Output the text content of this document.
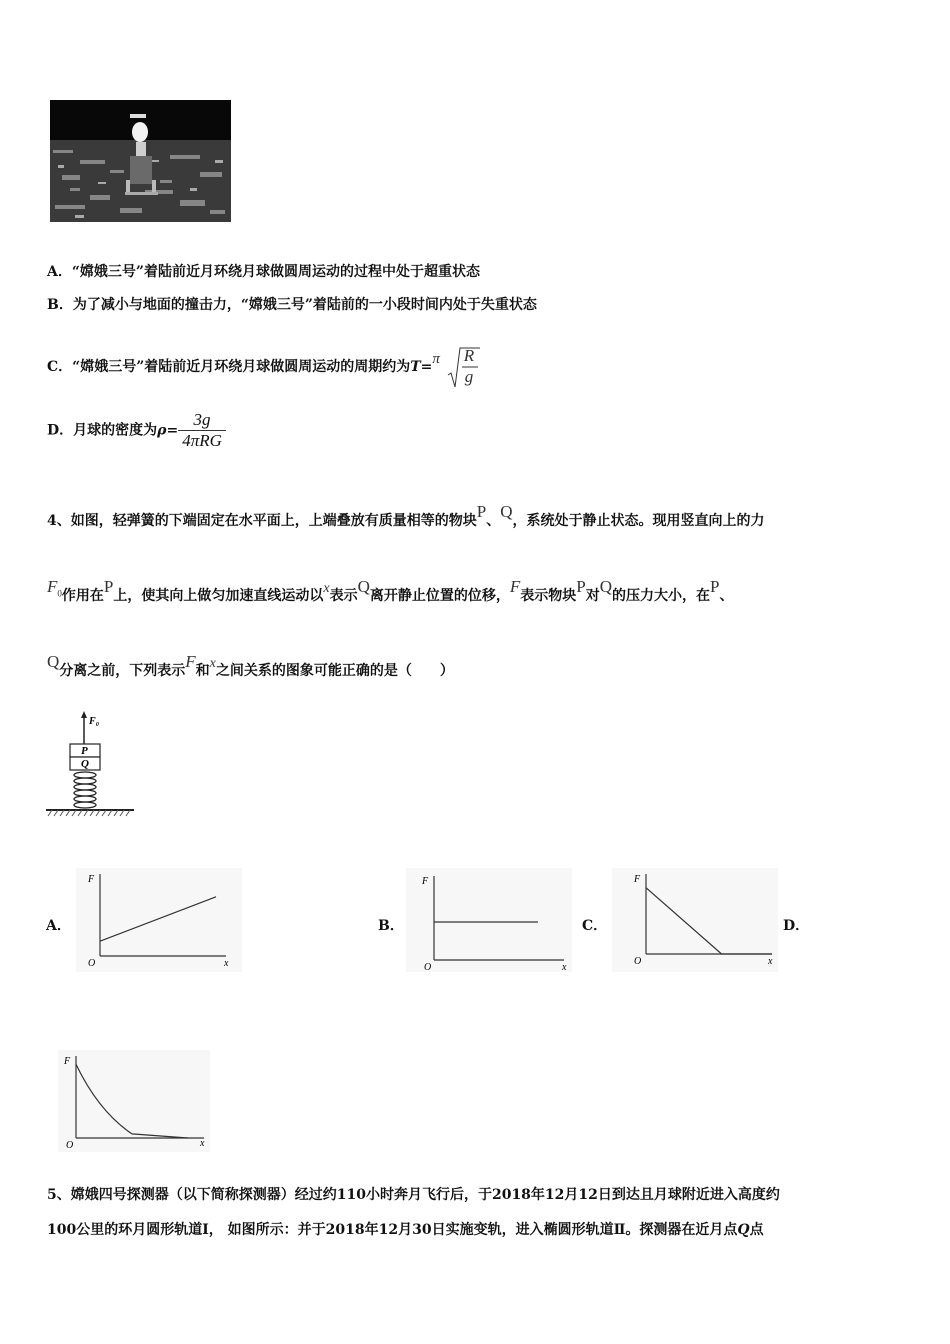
A．“嫦娥三号”着陆前近月环绕月球做圆周运动的过程中处于超重状态
B．为了减小与地面的撞击力，“嫦娥三号”着陆前的一小段时间内处于失重状态
C．“嫦娥三号”着陆前近月环绕月球做圆周运动的周期约为T=π R
g
D．月球的密度为$\rho= \frac{3g}{\text{4πRG}}$
4、如图，轻弹簧的下端固定在水平面上，上端叠放有质量相等的物块P、Q，系统处于静止状态。现用竖直向上的力
$F_0$作用在P上，使其向上做匀加速直线运动以x表示Q离开静止位置的位移，F表示物块P对Q的压力大小，在P、
Q分离之前，下列表示F和x之间关系的图象可能正确的是（　　）
F₀
P
Q
A．	B．	C．	D．
F
O	x
F
O	x
F
O	x
F
O	x
5、嫦娥四号探测器（以下简称探测器）经过约110小时奔月飞行后，于2018年12月12日到达且月球附近进入高度约
100公里的环月圆形轨道Ⅰ， 如图所示：并于2018年12月30日实施变轨，进入椭圆形轨道Ⅱ。探测器在近月点Q点
